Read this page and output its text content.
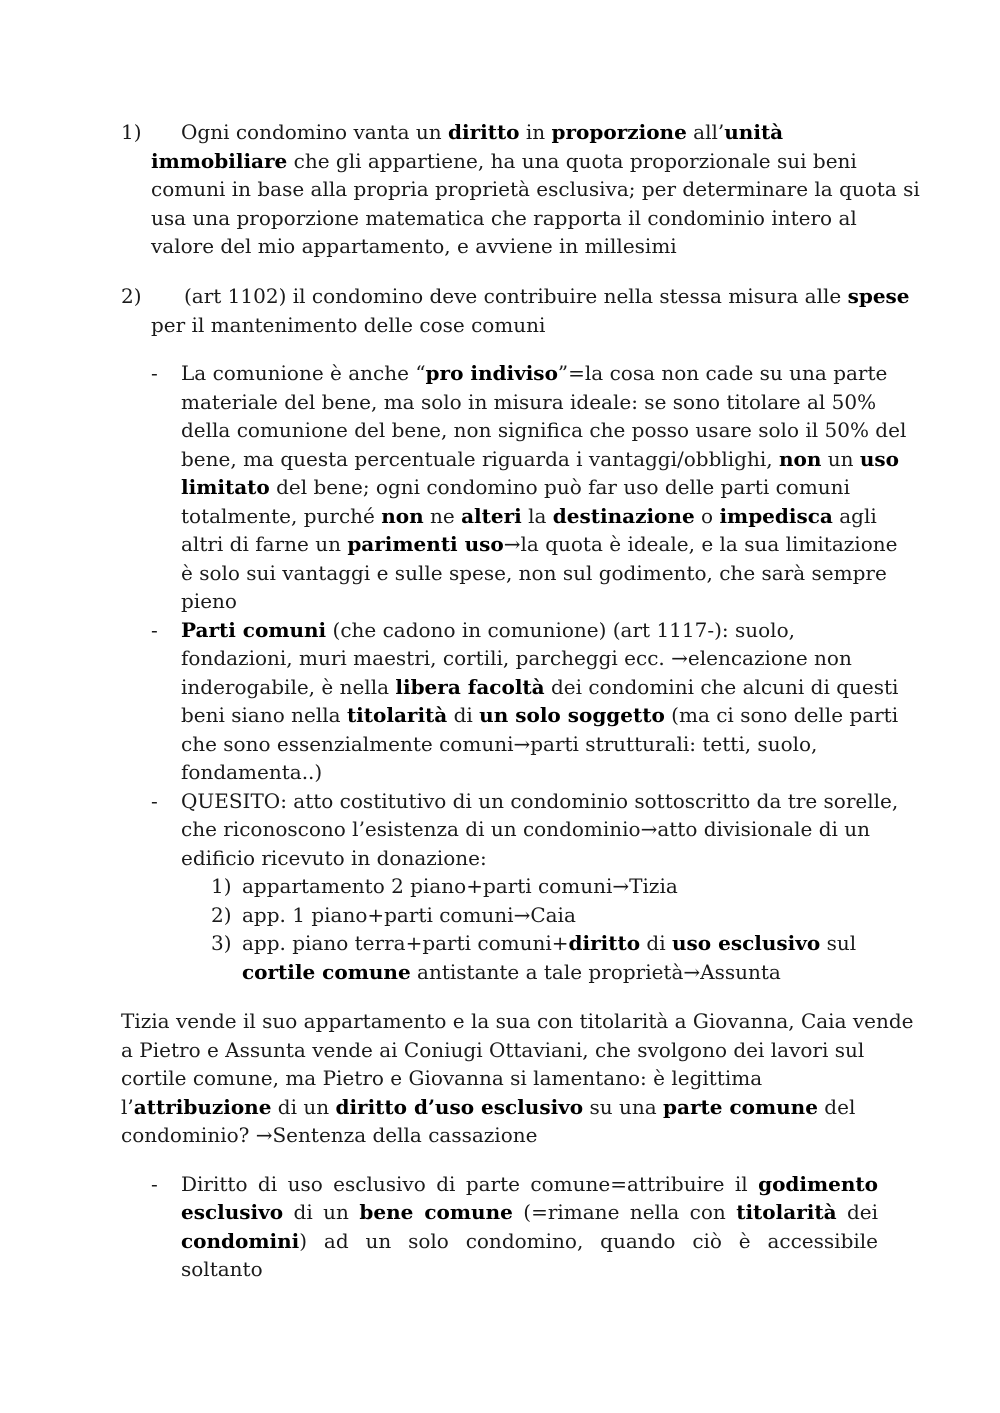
1) Ogni condomino vanta un diritto in proporzione all’unità
immobiliare che gli appartiene, ha una quota proporzionale sui beni
comuni in base alla propria proprietà esclusiva; per determinare la quota si
usa una proporzione matematica che rapporta il condominio intero al
valore del mio appartamento, e avviene in millesimi
2) (art 1102) il condomino deve contribuire nella stessa misura alle spese
per il mantenimento delle cose comuni
- La comunione è anche “pro indiviso”=la cosa non cade su una parte
materiale del bene, ma solo in misura ideale: se sono titolare al 50%
della comunione del bene, non significa che posso usare solo il 50% del
bene, ma questa percentuale riguarda i vantaggi/obblighi, non un uso
limitato del bene; ogni condomino può far uso delle parti comuni
totalmente, purché non ne alteri la destinazione o impedisca agli
altri di farne un parimenti uso→la quota è ideale, e la sua limitazione
è solo sui vantaggi e sulle spese, non sul godimento, che sarà sempre
pieno
- Parti comuni (che cadono in comunione) (art 1117-): suolo,
fondazioni, muri maestri, cortili, parcheggi ecc. →elencazione non
inderogabile, è nella libera facoltà dei condomini che alcuni di questi
beni siano nella titolarità di un solo soggetto (ma ci sono delle parti
che sono essenzialmente comuni→parti strutturali: tetti, suolo,
fondamenta..)
- QUESITO: atto costitutivo di un condominio sottoscritto da tre sorelle,
che riconoscono l’esistenza di un condominio→atto divisionale di un
edificio ricevuto in donazione:
1) appartamento 2 piano+parti comuni→Tizia
2) app. 1 piano+parti comuni→Caia
3) app. piano terra+parti comuni+diritto di uso esclusivo sul
cortile comune antistante a tale proprietà→Assunta
Tizia vende il suo appartamento e la sua con titolarità a Giovanna, Caia vende
a Pietro e Assunta vende ai Coniugi Ottaviani, che svolgono dei lavori sul
cortile comune, ma Pietro e Giovanna si lamentano: è legittima
l’attribuzione di un diritto d’uso esclusivo su una parte comune del
condominio? →Sentenza della cassazione
- Diritto di uso esclusivo di parte comune=attribuire il godimento
esclusivo di un bene comune (=rimane nella con titolarità dei
condomini) ad un solo condomino, quando ciò è accessibile soltanto
